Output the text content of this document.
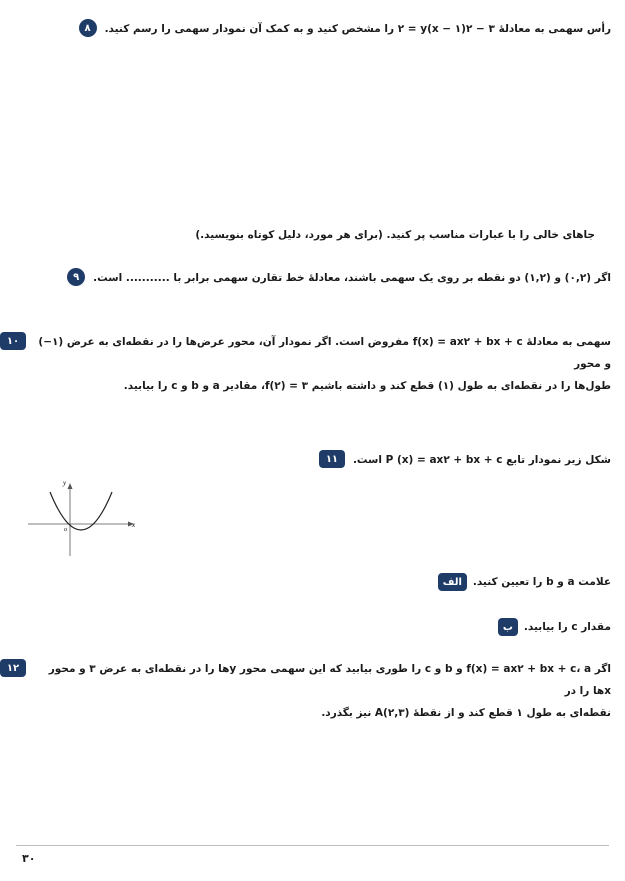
۸	رأس سهمی به معادلهٔ ۳ − ۲(x − ۱)۲ = y را مشخص کنید و به کمک آن نمودار سهمی را رسم کنید.
جاهای خالی را با عبارات مناسب پر کنید. (برای هر مورد، دلیل کوتاه بنویسید.)
۹	اگر (۰,۲) و (۱,۲) دو نقطه بر روی یک سهمی باشند، معادلهٔ خط تقارن سهمی برابر با ........... است.
۱۰	سهمی به معادلهٔ f(x) = ax۲ + bx + c مفروض است. اگر نمودار آن، محور عرض‌ها را در نقطه‌ای به عرض (۱−) و محور
طول‌ها را در نقطه‌ای به طول (۱) قطع کند و داشته باشیم ۳ = f(۲)، مقادیر a و b و c را بیابید.
۱۱	شکل زیر نمودار تابع P (x) = ax۲ + bx + c است.
y
x
o
الف	علامت a و b را تعیین کنید.
ب	مقدار c را بیابید.
۱۲	اگر f(x) = ax۲ + bx + c، a و b و c را طوری بیابید که این سهمی محور yها را در نقطه‌ای به عرض ۳ و محور xها را در
نقطه‌ای به طول ۱ قطع کند و از نقطهٔ A(۲,۳) نیز بگذرد.
۳۰
